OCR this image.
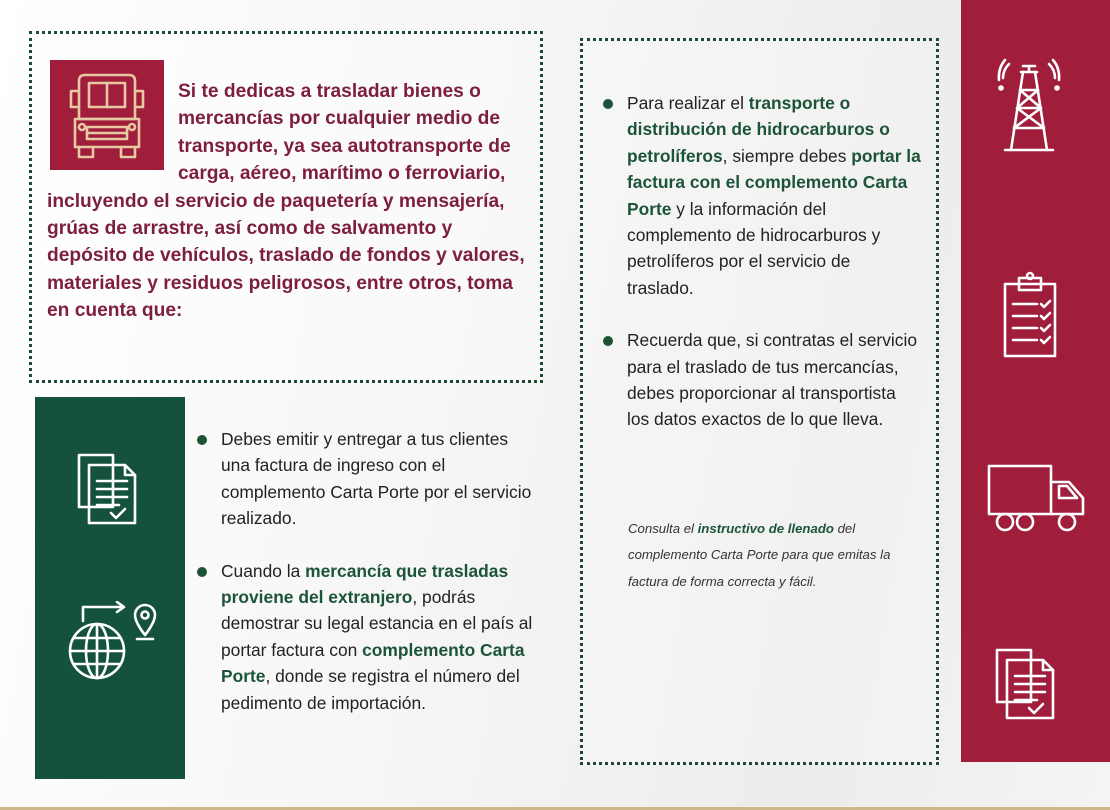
Si te dedicas a trasladar bienes o mercancías por cualquier medio de transporte, ya sea autotransporte de carga, aéreo, marítimo o ferroviario, incluyendo el servicio de paquetería y mensajería, grúas de arrastre, así como de salvamento y depósito de vehículos, traslado de fondos y valores, materiales y residuos peligrosos, entre otros, toma en cuenta que:

Debes emitir y entregar a tus clientes una factura de ingreso con el complemento Carta Porte por el servicio realizado.
Cuando la mercancía que trasladas proviene del extranjero, podrás demostrar su legal estancia en el país al portar factura con complemento Carta Porte, donde se registra el número del pedimento de importación.
Para realizar el transporte o distribución de hidrocarburos o petrolíferos, siempre debes portar la factura con el complemento Carta Porte y la información del complemento de hidrocarburos y petrolíferos por el servicio de traslado.
Recuerda que, si contratas el servicio para el traslado de tus mercancías, debes proporcionar al transportista los datos exactos de lo que lleva.

Consulta el instructivo de llenado del complemento Carta Porte para que emitas la factura de forma correcta y fácil.
